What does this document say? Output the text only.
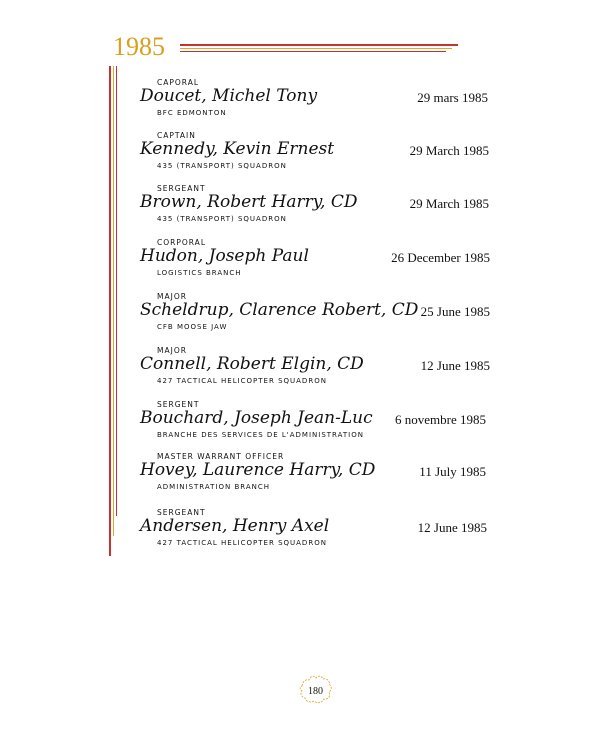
1985
CAPORAL
Doucet, Michel Tony
BFC EDMONTON
29 mars 1985
CAPTAIN
Kennedy, Kevin Ernest
435 (TRANSPORT) SQUADRON
29 March 1985
SERGEANT
Brown, Robert Harry, CD
435 (TRANSPORT) SQUADRON
29 March 1985
CORPORAL
Hudon, Joseph Paul
LOGISTICS BRANCH
26 December 1985
MAJOR
Scheldrup, Clarence Robert, CD
CFB MOOSE JAW
25 June 1985
MAJOR
Connell, Robert Elgin, CD
427 TACTICAL HELICOPTER SQUADRON
12 June 1985
SERGENT
Bouchard, Joseph Jean-Luc
BRANCHE DES SERVICES DE L'ADMINISTRATION
6 novembre 1985
MASTER WARRANT OFFICER
Hovey, Laurence Harry, CD
ADMINISTRATION BRANCH
11 July 1985
SERGEANT
Andersen, Henry Axel
427 TACTICAL HELICOPTER SQUADRON
12 June 1985
180
